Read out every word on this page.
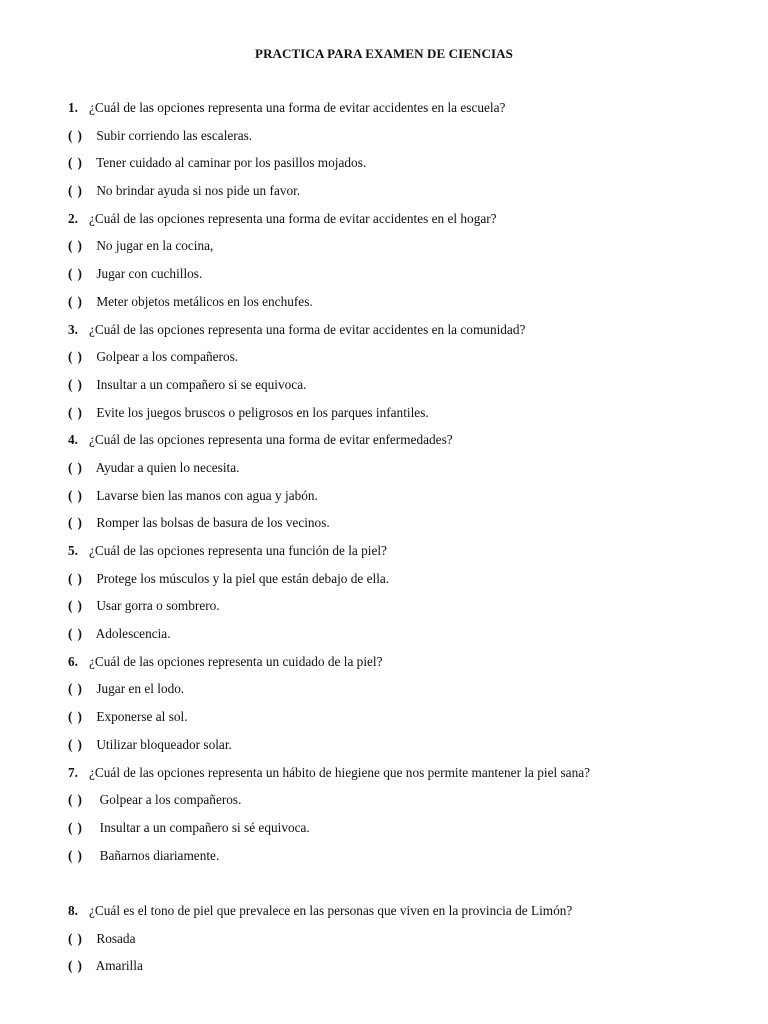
PRACTICA PARA EXAMEN DE CIENCIAS
1. ¿Cuál de las opciones representa una forma de evitar accidentes en la escuela?
( ) Subir corriendo las escaleras.
( ) Tener cuidado al caminar por los pasillos mojados.
( ) No brindar ayuda si nos pide un favor.
2. ¿Cuál de las opciones representa una forma de evitar accidentes en el hogar?
( ) No jugar en la cocina,
( ) Jugar con cuchillos.
( ) Meter objetos metálicos en los enchufes.
3. ¿Cuál de las opciones representa una forma de evitar accidentes en la comunidad?
( ) Golpear a los compañeros.
( ) Insultar a un compañero si se equivoca.
( ) Evite los juegos bruscos o peligrosos en los parques infantiles.
4. ¿Cuál de las opciones representa una forma de evitar enfermedades?
( ) Ayudar a quien lo necesita.
( ) Lavarse bien las manos con agua y jabón.
( ) Romper las bolsas de basura de los vecinos.
5. ¿Cuál de las opciones representa una función de la piel?
( ) Protege los músculos y la piel que están debajo de ella.
( ) Usar gorra o sombrero.
( ) Adolescencia.
6. ¿Cuál de las opciones representa un cuidado de la piel?
( ) Jugar en el lodo.
( ) Exponerse al sol.
( ) Utilizar bloqueador solar.
7. ¿Cuál de las opciones representa un hábito de hiegiene que nos permite mantener la piel sana?
( )  Golpear a los compañeros.
( )  Insultar a un compañero si sé equivoca.
( )  Bañarnos diariamente.
8. ¿Cuál es el tono de piel que prevalece en las personas que viven en la provincia de Limón?
( ) Rosada
( ) Amarilla
